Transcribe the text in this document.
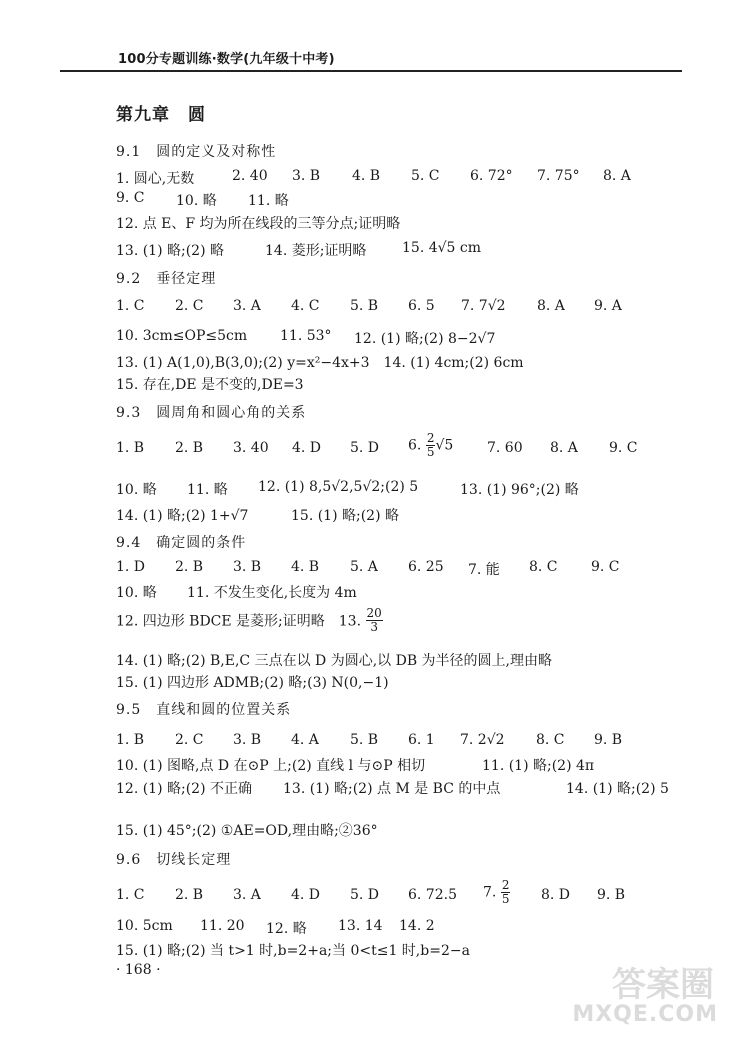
100分专题训练·数学(九年级十中考)
第九章　圆
9.1　圆的定义及对称性
1. 圆心,无数	2. 40 3. B 4. B 5. C 6. 72° 7. 75° 8. A
9. C 10. 略 11. 略
12. 点 E、F 均为所在线段的三等分点;证明略
13. (1) 略;(2) 略	14. 菱形;证明略	15. 4√5 cm
9.2　垂径定理
1. C 2. C 3. A 4. C 5. B 6. 5 7. 7√2 8. A 9. A
10. 3cm≤OP≤5cm 11. 53° 12. (1) 略;(2) 8−2√7
13. (1) A(1,0),B(3,0);(2) y=x²−4x+3　14. (1) 4cm;(2) 6cm
15. 存在,DE 是不变的,DE=3
9.3　圆周角和圆心角的关系
1. B 2. B 3. 40 4. D 5. D 6. $\frac{2}{5} √5$ 7. 60 8. A 9. C
10. 略 11. 略 12. (1) 8,5√2,5√2;(2) 5	13. (1) 96°;(2) 略
14. (1) 略;(2) 1+√7	15. (1) 略;(2) 略
9.4　确定圆的条件
1. D 2. B 3. B 4. B 5. A 6. 25 7. 能 8. C 9. C
10. 略 11. 不发生变化,长度为 4m
12. 四边形 BDCE 是菱形;证明略　13. $\frac{20}{3}$
14. (1) 略;(2) B,E,C 三点在以 D 为圆心,以 DB 为半径的圆上,理由略
15. (1) 四边形 ADMB;(2) 略;(3) N(0,−1)
9.5　直线和圆的位置关系
1. B 2. C 3. B 4. A 5. B 6. 1 7. 2√2 8. C 9. B
10. (1) 图略,点 D 在⊙P 上;(2) 直线 l 与⊙P 相切	11. (1) 略;(2) 4π
12. (1) 略;(2) 不正确 13. (1) 略;(2) 点 M 是 BC 的中点	14. (1) 略;(2) 5
15. (1) 45°;(2) ①AE=OD,理由略;②36°
9.6　切线长定理
1. C 2. B 3. A 4. D 5. D 6. 72.5 7. $\frac{2}{5} 8$. D 9. B
10. 5cm 11. 20 12. 略 13. 14 14. 2
15. (1) 略;(2) 当 t>1 时,b=2+a;当 0<t≤1 时,b=2−a
· 168 ·	答案圈
MXQE.COM
